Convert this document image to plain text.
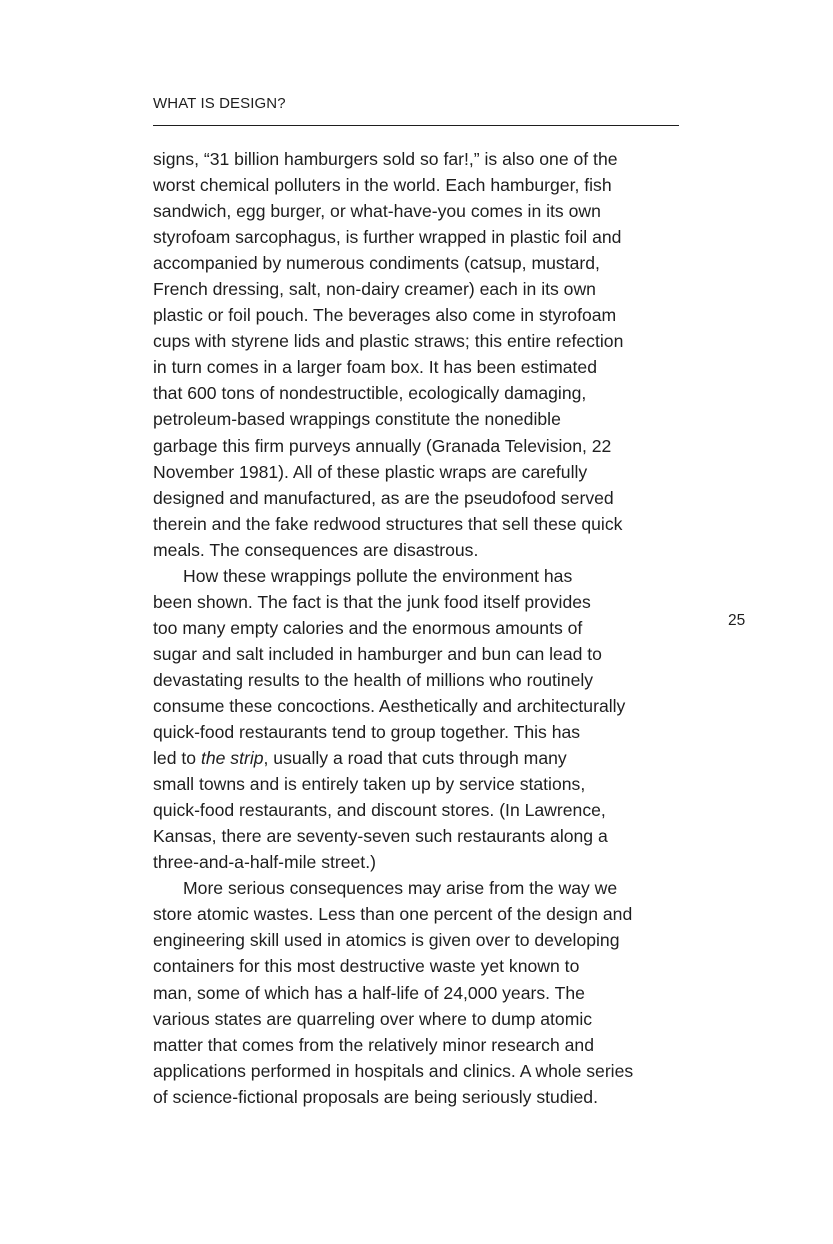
WHAT IS DESIGN?
signs, “31 billion hamburgers sold so far!,” is also one of the
worst chemical polluters in the world. Each hamburger, fish
sandwich, egg burger, or what-have-you comes in its own
styrofoam sarcophagus, is further wrapped in plastic foil and
accompanied by numerous condiments (catsup, mustard,
French dressing, salt, non-dairy creamer) each in its own
plastic or foil pouch. The beverages also come in styrofoam
cups with styrene lids and plastic straws; this entire refection
in turn comes in a larger foam box. It has been estimated
that 600 tons of nondestructible, ecologically damaging,
petroleum-based wrappings constitute the nonedible
garbage this firm purveys annually (Granada Television, 22
November 1981). All of these plastic wraps are carefully
designed and manufactured, as are the pseudofood served
therein and the fake redwood structures that sell these quick
meals. The consequences are disastrous.
How these wrappings pollute the environment has
been shown. The fact is that the junk food itself provides
too many empty calories and the enormous amounts of
sugar and salt included in hamburger and bun can lead to
devastating results to the health of millions who routinely
consume these concoctions. Aesthetically and architecturally
quick-food restaurants tend to group together. This has
led to the strip, usually a road that cuts through many
small towns and is entirely taken up by service stations,
quick-food restaurants, and discount stores. (In Lawrence,
Kansas, there are seventy-seven such restaurants along a
three-and-a-half-mile street.)
More serious consequences may arise from the way we
store atomic wastes. Less than one percent of the design and
engineering skill used in atomics is given over to developing
containers for this most destructive waste yet known to
man, some of which has a half-life of 24,000 years. The
various states are quarreling over where to dump atomic
matter that comes from the relatively minor research and
applications performed in hospitals and clinics. A whole series
of science-fictional proposals are being seriously studied.
25
